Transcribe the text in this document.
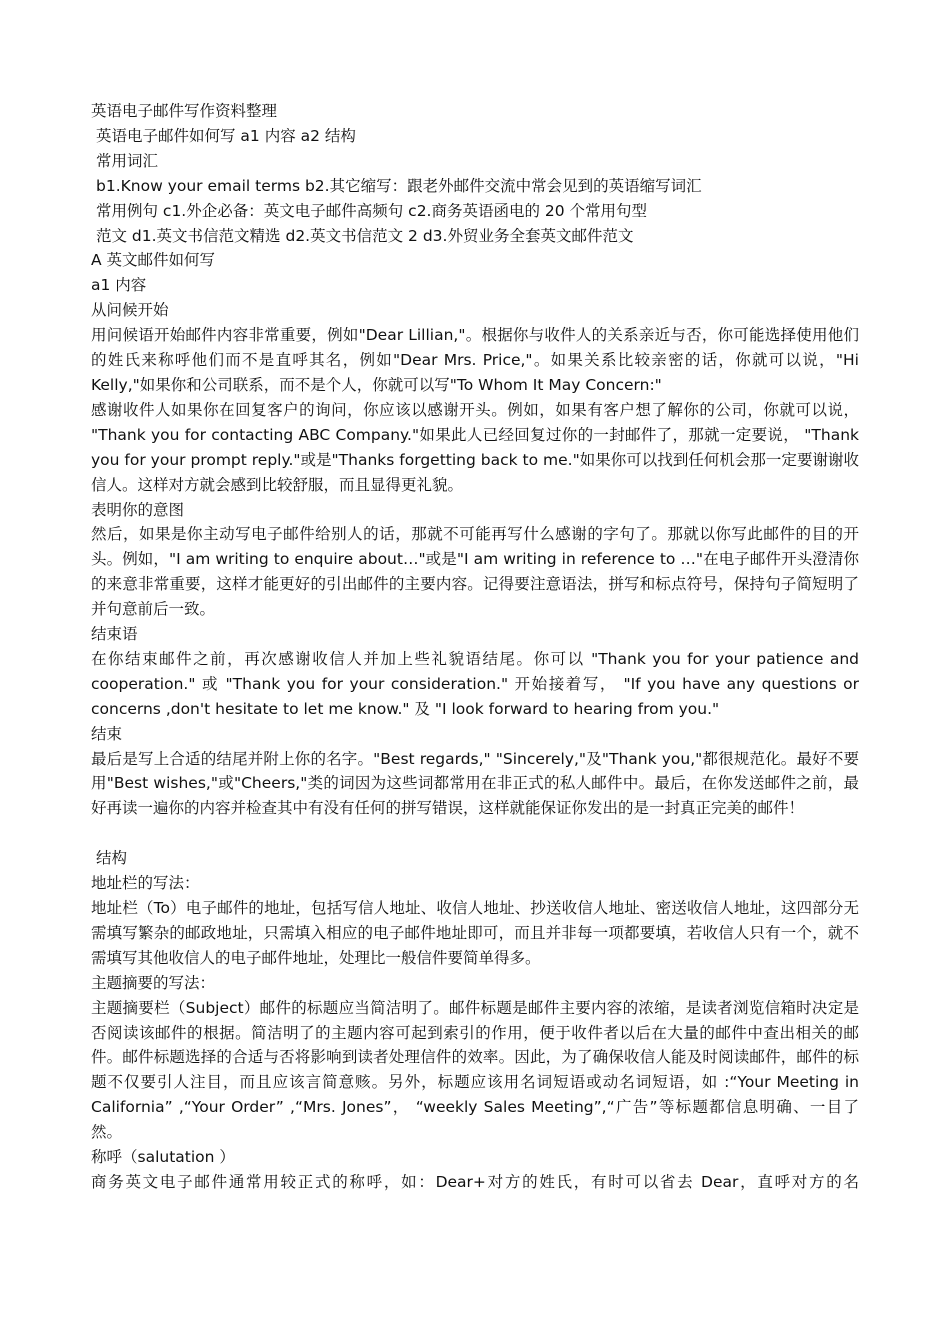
英语电子邮件写作资料整理
英语电子邮件如何写 a1 内容 a2 结构
常用词汇
b1.Know your email terms b2.其它缩写：跟老外邮件交流中常会见到的英语缩写词汇
常用例句 c1.外企必备：英文电子邮件高频句 c2.商务英语函电的 20 个常用句型
范文 d1.英文书信范文精选 d2.英文书信范文 2 d3.外贸业务全套英文邮件范文
A 英文邮件如何写
a1 内容
从问候开始
用问候语开始邮件内容非常重要，例如"Dear Lillian,"。根据你与收件人的关系亲近与否，你可能选择使用他们的姓氏来称呼他们而不是直呼其名，例如"Dear Mrs. Price,"。如果关系比较亲密的话，你就可以说，"Hi Kelly,"如果你和公司联系，而不是个人，你就可以写"To Whom It May Concern:"
感谢收件人如果你在回复客户的询问，你应该以感谢开头。例如，如果有客户想了解你的公司，你就可以说， "Thank you for contacting ABC Company."如果此人已经回复过你的一封邮件了，那就一定要说， "Thank you for your prompt reply."或是"Thanks forgetting back to me."如果你可以找到任何机会那一定要谢谢收信人。这样对方就会感到比较舒服，而且显得更礼貌。
表明你的意图
然后，如果是你主动写电子邮件给别人的话，那就不可能再写什么感谢的字句了。那就以你写此邮件的目的开头。例如，"I am writing to enquire about…"或是"I am writing in reference to …"在电子邮件开头澄清你的来意非常重要，这样才能更好的引出邮件的主要内容。记得要注意语法，拼写和标点符号，保持句子简短明了并句意前后一致。
结束语
在你结束邮件之前，再次感谢收信人并加上些礼貌语结尾。你可以 "Thank you for your patience and cooperation." 或 "Thank you for your consideration." 开始接着写， "If you have any questions or concerns ,don't hesitate to let me know." 及 "I look forward to hearing from you."
结束
最后是写上合适的结尾并附上你的名字。"Best regards," "Sincerely,"及"Thank you,"都很规范化。最好不要用"Best wishes,"或"Cheers,"类的词因为这些词都常用在非正式的私人邮件中。最后，在你发送邮件之前，最好再读一遍你的内容并检查其中有没有任何的拼写错误，这样就能保证你发出的是一封真正完美的邮件！
结构
地址栏的写法：
地址栏（To）电子邮件的地址，包括写信人地址、收信人地址、抄送收信人地址、密送收信人地址，这四部分无需填写繁杂的邮政地址，只需填入相应的电子邮件地址即可，而且并非每一项都要填，若收信人只有一个，就不需填写其他收信人的电子邮件地址，处理比一般信件要简单得多。
主题摘要的写法：
主题摘要栏（Subject）邮件的标题应当简洁明了。邮件标题是邮件主要内容的浓缩，是读者浏览信箱时决定是否阅读该邮件的根据。简洁明了的主题内容可起到索引的作用，便于收件者以后在大量的邮件中查出相关的邮件。邮件标题选择的合适与否将影响到读者处理信件的效率。因此，为了确保收信人能及时阅读邮件，邮件的标题不仅要引人注目，而且应该言简意赅。另外，标题应该用名词短语或动名词短语，如 :“Your Meeting in California” ,“Your Order” ,“Mrs. Jones”， “weekly Sales Meeting”,“广告”等标题都信息明确、一目了然。
称呼（salutation ）
商务英文电子邮件通常用较正式的称呼，如：Dear+对方的姓氏，有时可以省去 Dear，直呼对方的名
